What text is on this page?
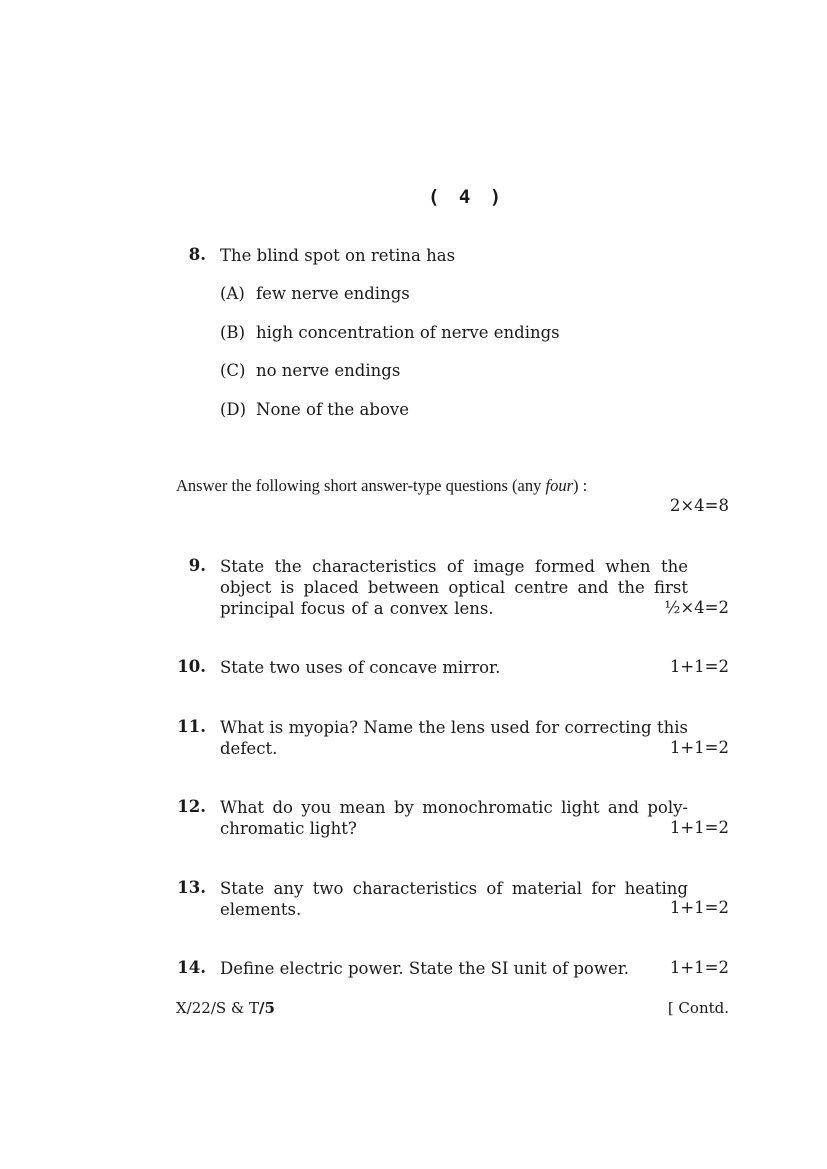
( 4 )
8. The blind spot on retina has
(A) few nerve endings
(B) high concentration of nerve endings
(C) no nerve endings
(D) None of the above
Answer the following short answer-type questions (any four) :
2×4=8
9. State the characteristics of image formed when the object is placed between optical centre and the first principal focus of a convex lens.	½×4=2
10. State two uses of concave mirror.	1+1=2
11. What is myopia? Name the lens used for correcting this defect.	1+1=2
12. What do you mean by monochromatic light and poly-chromatic light?	1+1=2
13. State any two characteristics of material for heating elements.	1+1=2
14. Define electric power. State the SI unit of power.	1+1=2
X/22/S & T/5	[ Contd.
